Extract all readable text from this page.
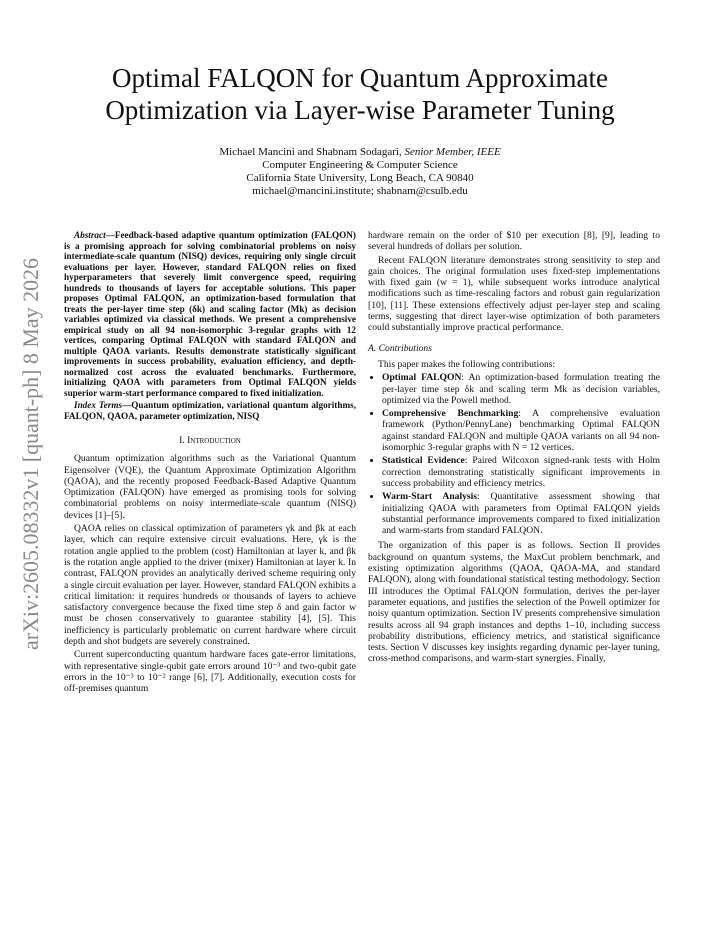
arXiv:2605.08332v1 [quant-ph] 8 May 2026
Optimal FALQON for Quantum Approximate
Optimization via Layer-wise Parameter Tuning
Michael Mancini and Shabnam Sodagari, Senior Member, IEEE
Computer Engineering & Computer Science
California State University, Long Beach, CA 90840
michael@mancini.institute; shabnam@csulb.edu

Abstract—Feedback-based adaptive quantum optimization (FALQON) is a promising approach for solving combinatorial problems on noisy intermediate-scale quantum (NISQ) devices, requiring only single circuit evaluations per layer. However, standard FALQON relies on fixed hyperparameters that severely limit convergence speed, requiring hundreds to thousands of layers for acceptable solutions. This paper proposes Optimal FALQON, an optimization-based formulation that treats the per-layer time step (δk) and scaling factor (Mk) as decision variables optimized via classical methods. We present a comprehensive empirical study on all 94 non-isomorphic 3-regular graphs with 12 vertices, comparing Optimal FALQON with standard FALQON and multiple QAOA variants. Results demonstrate statistically significant improvements in success probability, evaluation efficiency, and depth-normalized cost across the evaluated benchmarks. Furthermore, initializing QAOA with parameters from Optimal FALQON yields superior warm-start performance compared to fixed initialization.

Index Terms—Quantum optimization, variational quantum algorithms, FALQON, QAOA, parameter optimization, NISQ

I. Introduction

Quantum optimization algorithms such as the Variational Quantum Eigensolver (VQE), the Quantum Approximate Optimization Algorithm (QAOA), and the recently proposed Feedback-Based Adaptive Quantum Optimization (FALQON) have emerged as promising tools for solving combinatorial problems on noisy intermediate-scale quantum (NISQ) devices [1]–[5].

QAOA relies on classical optimization of parameters γk and βk at each layer, which can require extensive circuit evaluations. Here, γk is the rotation angle applied to the problem (cost) Hamiltonian at layer k, and βk is the rotation angle applied to the driver (mixer) Hamiltonian at layer k. In contrast, FALQON provides an analytically derived scheme requiring only a single circuit evaluation per layer. However, standard FALQON exhibits a critical limitation: it requires hundreds or thousands of layers to achieve satisfactory convergence because the fixed time step δ and gain factor w must be chosen conservatively to guarantee stability [4], [5]. This inefficiency is particularly problematic on current hardware where circuit depth and shot budgets are severely constrained.

Current superconducting quantum hardware faces gate-error limitations, with representative single-qubit gate errors around 10⁻³ and two-qubit gate errors in the 10⁻³ to 10⁻² range [6], [7]. Additionally, execution costs for off-premises quantum

hardware remain on the order of $10 per execution [8], [9], leading to several hundreds of dollars per solution.

Recent FALQON literature demonstrates strong sensitivity to step and gain choices. The original formulation uses fixed-step implementations with fixed gain (w = 1), while subsequent works introduce analytical modifications such as time-rescaling factors and robust gain regularization [10], [11]. These extensions effectively adjust per-layer step and scaling terms, suggesting that direct layer-wise optimization of both parameters could substantially improve practical performance.

A. Contributions

This paper makes the following contributions:

• Optimal FALQON: An optimization-based formulation treating the per-layer time step δk and scaling term Mk as decision variables, optimized via the Powell method.
• Comprehensive Benchmarking: A comprehensive evaluation framework (Python/PennyLane) benchmarking Optimal FALQON against standard FALQON and multiple QAOA variants on all 94 non-isomorphic 3-regular graphs with N = 12 vertices.
• Statistical Evidence: Paired Wilcoxon signed-rank tests with Holm correction demonstrating statistically significant improvements in success probability and efficiency metrics.
• Warm-Start Analysis: Quantitative assessment showing that initializing QAOA with parameters from Optimal FALQON yields substantial performance improvements compared to fixed initialization and warm-starts from standard FALQON.

The organization of this paper is as follows. Section II provides background on quantum systems, the MaxCut problem benchmark, and existing optimization algorithms (QAOA, QAOA-MA, and standard FALQON), along with foundational statistical testing methodology. Section III introduces the Optimal FALQON formulation, derives the per-layer parameter equations, and justifies the selection of the Powell optimizer for noisy quantum optimization. Section IV presents comprehensive simulation results across all 94 graph instances and depths 1–10, including success probability distributions, efficiency metrics, and statistical significance tests. Section V discusses key insights regarding dynamic per-layer tuning, cross-method comparisons, and warm-start synergies. Finally,
